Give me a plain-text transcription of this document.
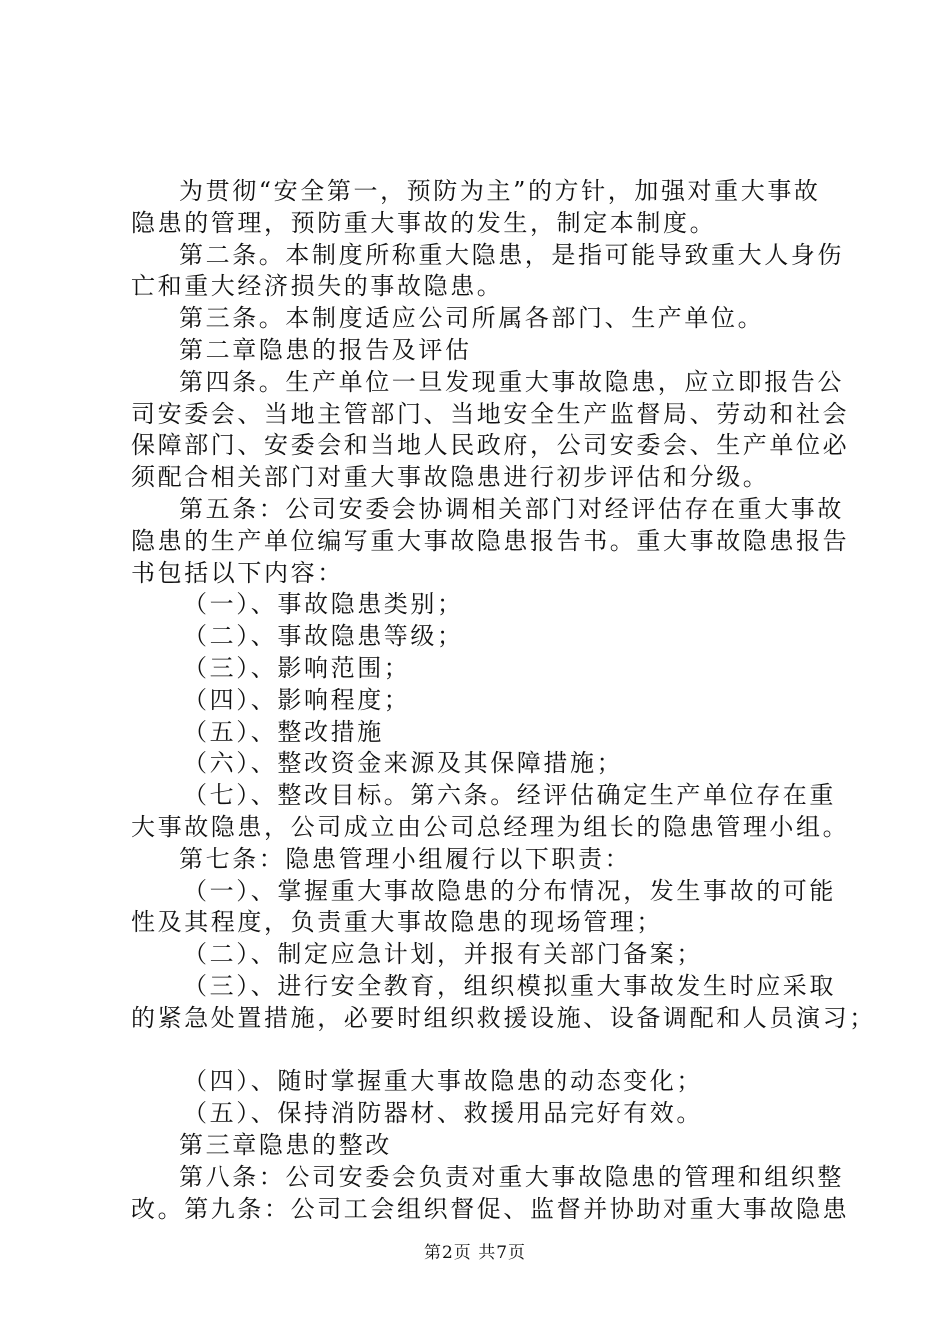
为贯彻“安全第一，预防为主”的方针，加强对重大事故
隐患的管理，预防重大事故的发生，制定本制度。
第二条。本制度所称重大隐患，是指可能导致重大人身伤
亡和重大经济损失的事故隐患。
第三条。本制度适应公司所属各部门、生产单位。
第二章隐患的报告及评估
第四条。生产单位一旦发现重大事故隐患，应立即报告公
司安委会、当地主管部门、当地安全生产监督局、劳动和社会
保障部门、安委会和当地人民政府，公司安委会、生产单位必
须配合相关部门对重大事故隐患进行初步评估和分级。
第五条：公司安委会协调相关部门对经评估存在重大事故
隐患的生产单位编写重大事故隐患报告书。重大事故隐患报告
书包括以下内容：
（一）、事故隐患类别；
（二）、事故隐患等级；
（三）、影响范围；
（四）、影响程度；
（五）、整改措施
（六）、整改资金来源及其保障措施；
（七）、整改目标。第六条。经评估确定生产单位存在重
大事故隐患，公司成立由公司总经理为组长的隐患管理小组。
第七条：隐患管理小组履行以下职责：
（一）、掌握重大事故隐患的分布情况，发生事故的可能
性及其程度，负责重大事故隐患的现场管理；
（二）、制定应急计划，并报有关部门备案；
（三）、进行安全教育，组织模拟重大事故发生时应采取
的紧急处置措施，必要时组织救援设施、设备调配和人员演习；
（四）、随时掌握重大事故隐患的动态变化；
（五）、保持消防器材、救援用品完好有效。
第三章隐患的整改
第八条：公司安委会负责对重大事故隐患的管理和组织整
改。第九条：公司工会组织督促、监督并协助对重大事故隐患
第2页 共7页
